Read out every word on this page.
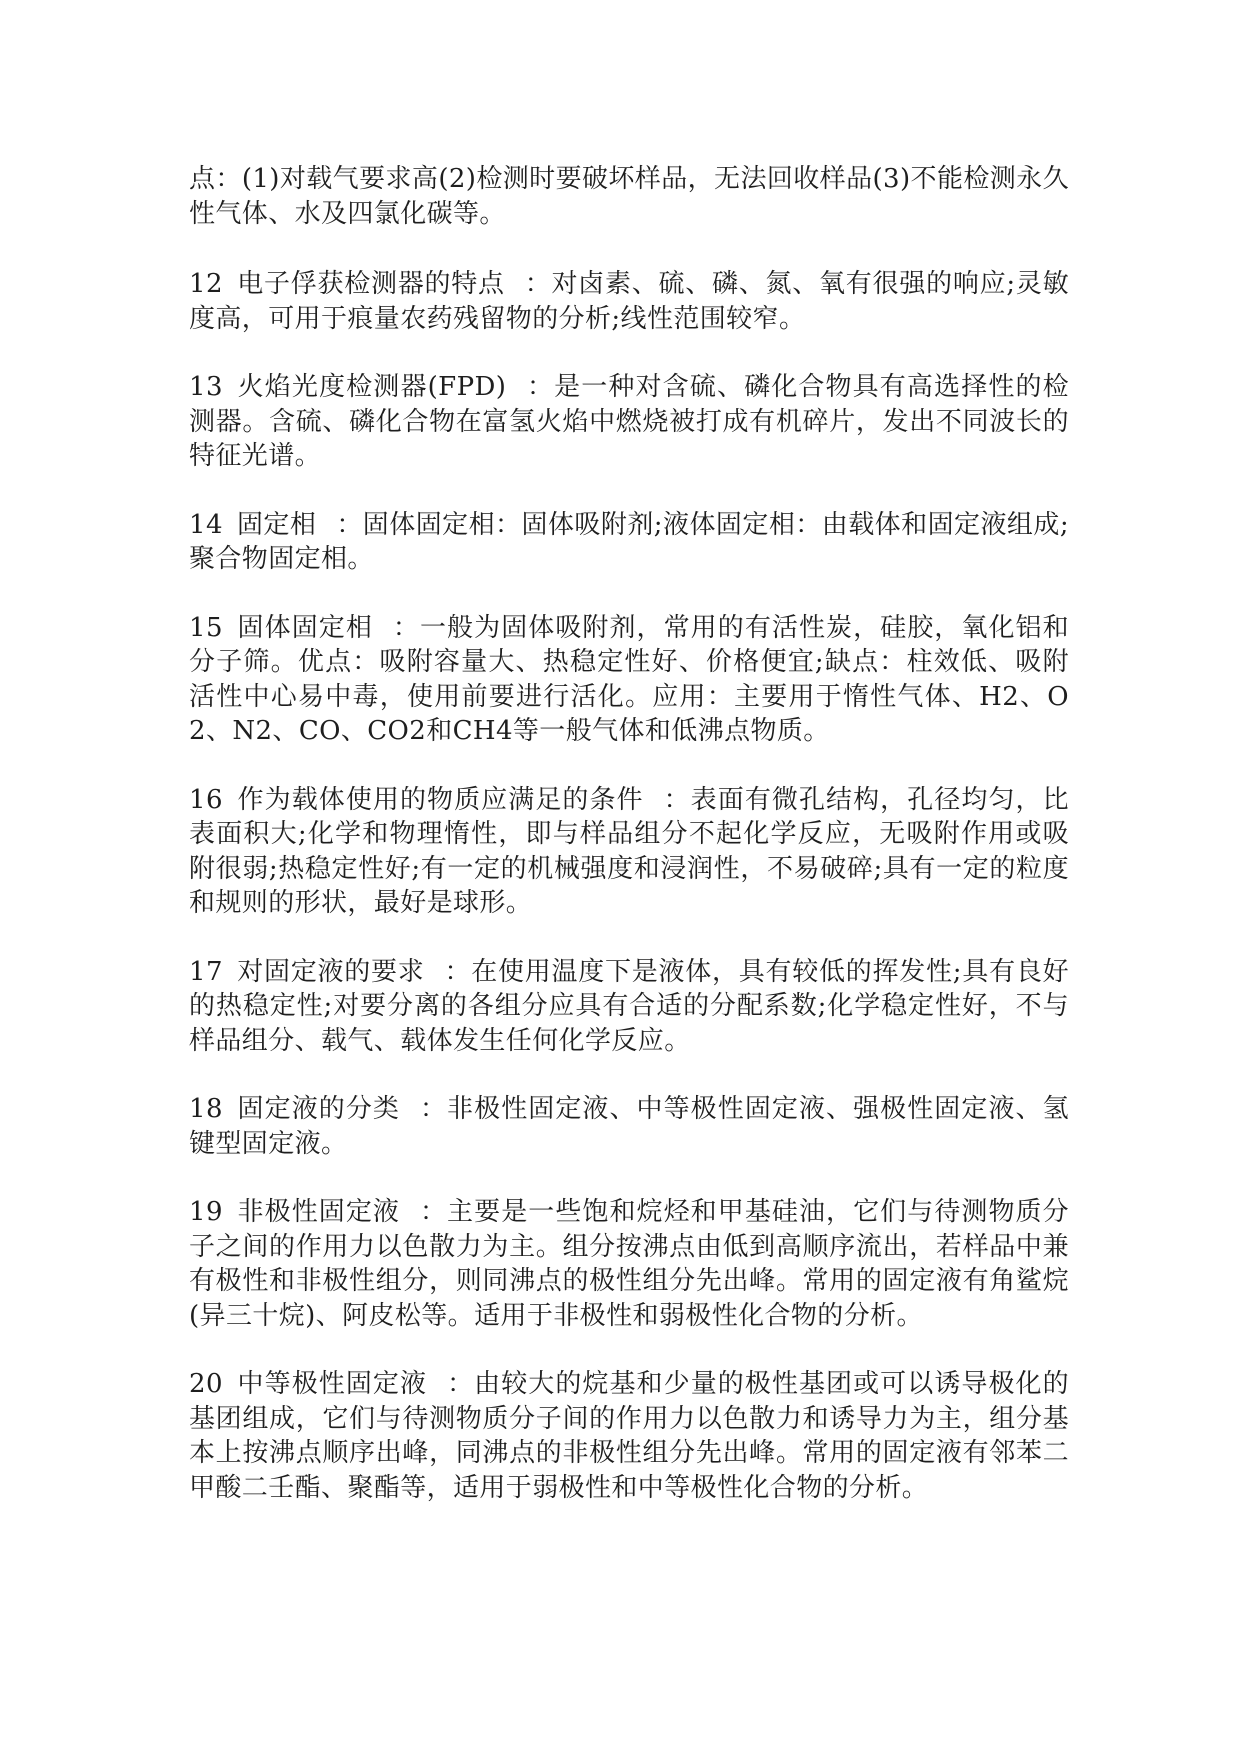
点：(1)对载气要求高(2)检测时要破坏样品，无法回收样品(3)不能检测永久性气体、水及四氯化碳等。

12 电子俘获检测器的特点 ：对卤素、硫、磷、氮、氧有很强的响应;灵敏度高，可用于痕量农药残留物的分析;线性范围较窄。

13 火焰光度检测器(FPD) ：是一种对含硫、磷化合物具有高选择性的检测器。含硫、磷化合物在富氢火焰中燃烧被打成有机碎片，发出不同波长的特征光谱。

14 固定相 ：固体固定相：固体吸附剂;液体固定相：由载体和固定液组成;聚合物固定相。

15 固体固定相 ：一般为固体吸附剂，常用的有活性炭，硅胶，氧化铝和分子筛。优点：吸附容量大、热稳定性好、价格便宜;缺点：柱效低、吸附活性中心易中毒，使用前要进行活化。应用：主要用于惰性气体、H2、O2、N2、CO、CO2和CH4等一般气体和低沸点物质。

16 作为载体使用的物质应满足的条件 ：表面有微孔结构，孔径均匀，比表面积大;化学和物理惰性，即与样品组分不起化学反应，无吸附作用或吸附很弱;热稳定性好;有一定的机械强度和浸润性，不易破碎;具有一定的粒度和规则的形状，最好是球形。

17 对固定液的要求 ：在使用温度下是液体，具有较低的挥发性;具有良好的热稳定性;对要分离的各组分应具有合适的分配系数;化学稳定性好，不与样品组分、载气、载体发生任何化学反应。

18 固定液的分类 ：非极性固定液、中等极性固定液、强极性固定液、氢键型固定液。

19 非极性固定液 ：主要是一些饱和烷烃和甲基硅油，它们与待测物质分子之间的作用力以色散力为主。组分按沸点由低到高顺序流出，若样品中兼有极性和非极性组分，则同沸点的极性组分先出峰。常用的固定液有角鲨烷(异三十烷)、阿皮松等。适用于非极性和弱极性化合物的分析。

20 中等极性固定液 ：由较大的烷基和少量的极性基团或可以诱导极化的基团组成，它们与待测物质分子间的作用力以色散力和诱导力为主，组分基本上按沸点顺序出峰，同沸点的非极性组分先出峰。常用的固定液有邻苯二甲酸二壬酯、聚酯等，适用于弱极性和中等极性化合物的分析。
